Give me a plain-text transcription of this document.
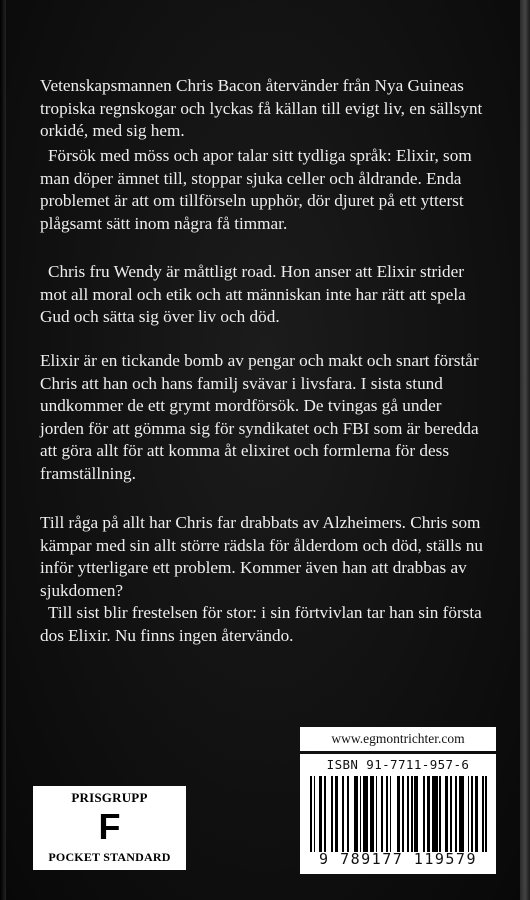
Vetenskapsmannen Chris Bacon återvänder från Nya Guineas tropiska regnskogar och lyckas få källan till evigt liv, en sällsynt orkidé, med sig hem.

Försök med möss och apor talar sitt tydliga språk: Elixir, som man döper ämnet till, stoppar sjuka celler och åldrande. Enda problemet är att om tillförseln upphör, dör djuret på ett ytterst plågsamt sätt inom några få timmar.

Chris fru Wendy är måttligt road. Hon anser att Elixir strider mot all moral och etik och att människan inte har rätt att spela Gud och sätta sig över liv och död.

Elixir är en tickande bomb av pengar och makt och snart förstår Chris att han och hans familj svävar i livsfara. I sista stund undkommer de ett grymt mordförsök. De tvingas gå under jorden för att gömma sig för syndikatet och FBI som är beredda att göra allt för att komma åt elixiret och formlerna för dess framställning.

Till råga på allt har Chris far drabbats av Alzheimers. Chris som kämpar med sin allt större rädsla för ålderdom och död, ställs nu inför ytterligare ett problem. Kommer även han att drabbas av sjukdomen?

Till sist blir frestelsen för stor: i sin förtvivlan tar han sin första dos Elixir. Nu finns ingen återvändo.

www.egmontrichter.com
ISBN 91-7711-957-6
9 789177 119579
PRISGRUPP
F
POCKET STANDARD
